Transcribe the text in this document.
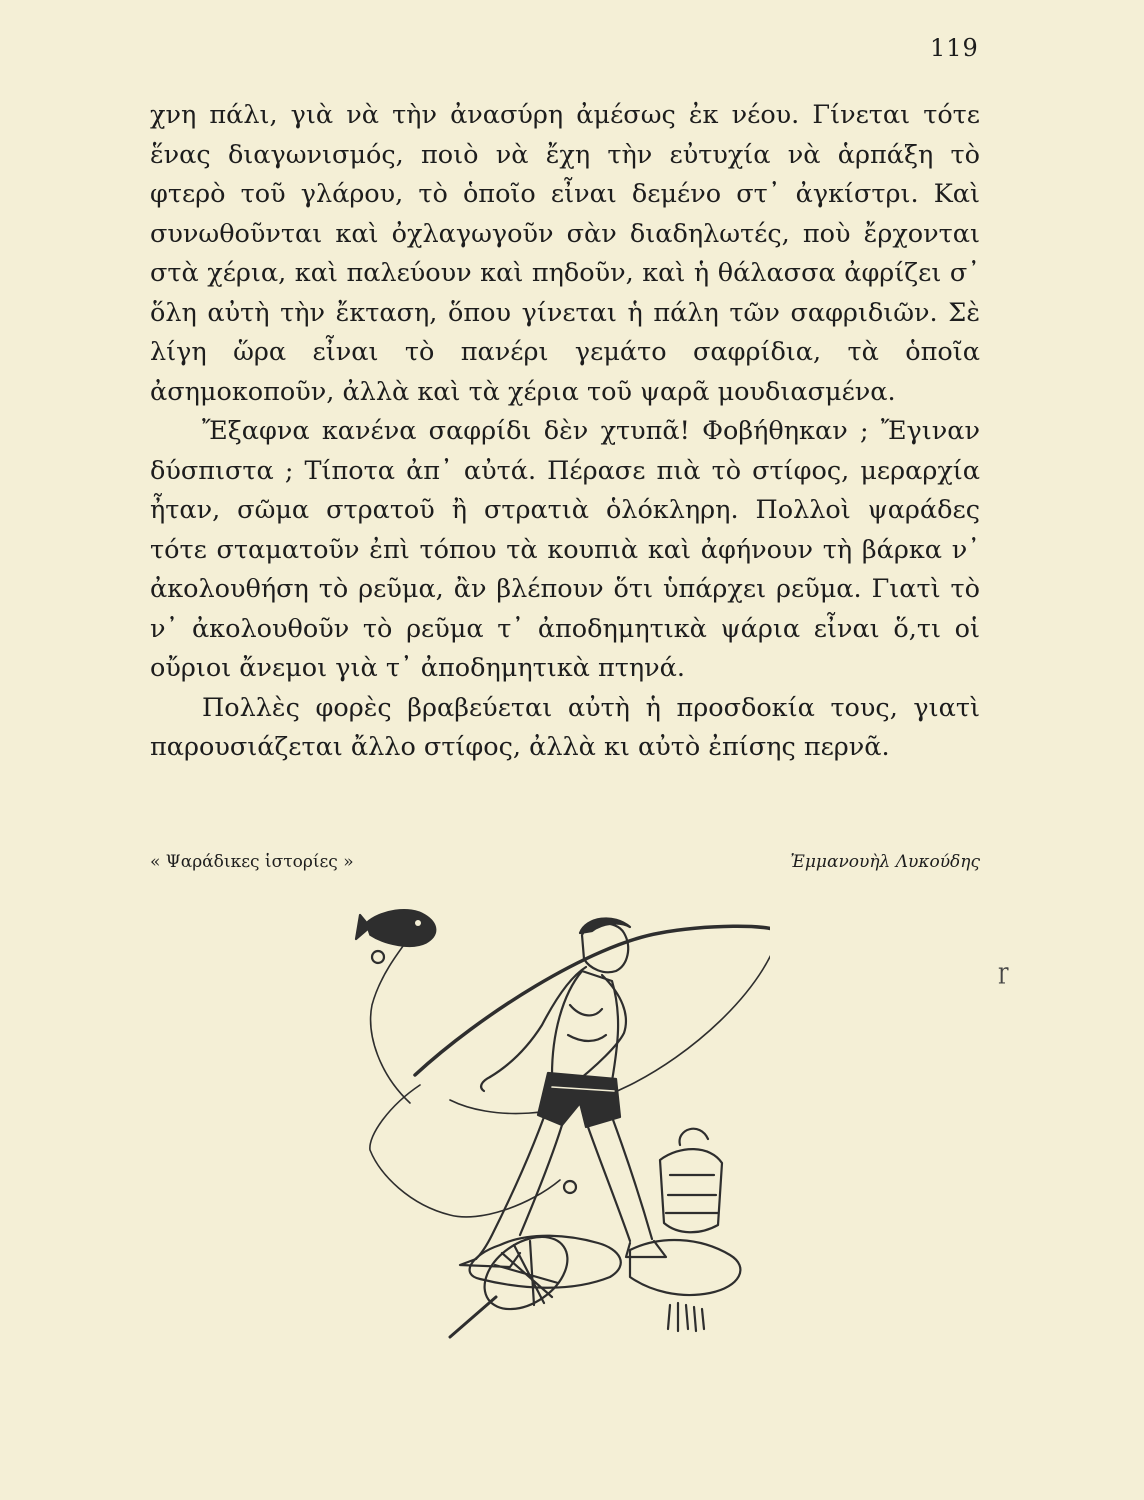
119

χνη πάλι, γιὰ νὰ τὴν ἀνασύρη ἀμέσως ἐκ νέου. Γίνεται τότε ἕνας διαγωνισμός, ποιὸ νὰ ἔχη τὴν εὐτυχία νὰ ἁρπάξη τὸ φτερὸ τοῦ γλάρου, τὸ ὁποῖο εἶναι δεμένο στ᾽ ἀγκίστρι. Καὶ συνωθοῦνται καὶ ὀχλαγωγοῦν σὰν διαδηλωτές, ποὺ ἔρχονται στὰ χέρια, καὶ παλεύουν καὶ πηδοῦν, καὶ ἡ θάλασσα ἀφρίζει σ᾽ ὅλη αὐτὴ τὴν ἔκταση, ὅπου γίνεται ἡ πάλη τῶν σαφριδιῶν. Σὲ λίγη ὥρα εἶναι τὸ πανέρι γεμάτο σαφρίδια, τὰ ὁποῖα ἀσημοκοποῦν, ἀλλὰ καὶ τὰ χέρια τοῦ ψαρᾶ μουδιασμένα.

Ἔξαφνα κανένα σαφρίδι δὲν χτυπᾶ! Φοβήθηκαν ; Ἔγιναν δύσπιστα ; Τίποτα ἀπ᾽ αὐτά. Πέρασε πιὰ τὸ στίφος, μεραρχία ἦταν, σῶμα στρατοῦ ἢ στρατιὰ ὁλόκληρη. Πολλοὶ ψαράδες τότε σταματοῦν ἐπὶ τόπου τὰ κουπιὰ καὶ ἀφήνουν τὴ βάρκα ν᾽ ἀκολουθήση τὸ ρεῦμα, ἂν βλέπουν ὅτι ὑπάρχει ρεῦμα. Γιατὶ τὸ ν᾽ ἀκολουθοῦν τὸ ρεῦμα τ᾽ ἀποδημητικὰ ψάρια εἶναι ὅ,τι οἱ οὔριοι ἄνεμοι γιὰ τ᾽ ἀποδημητικὰ πτηνά.

Πολλὲς φορὲς βραβεύεται αὐτὴ ἡ προσδοκία τους, γιατὶ παρουσιάζεται ἄλλο στίφος, ἀλλὰ κι αὐτὸ ἐπίσης περνᾶ.

« Ψαράδικες ἱστορίες »	Ἐμμανουὴλ Λυκούδης
ɼ
